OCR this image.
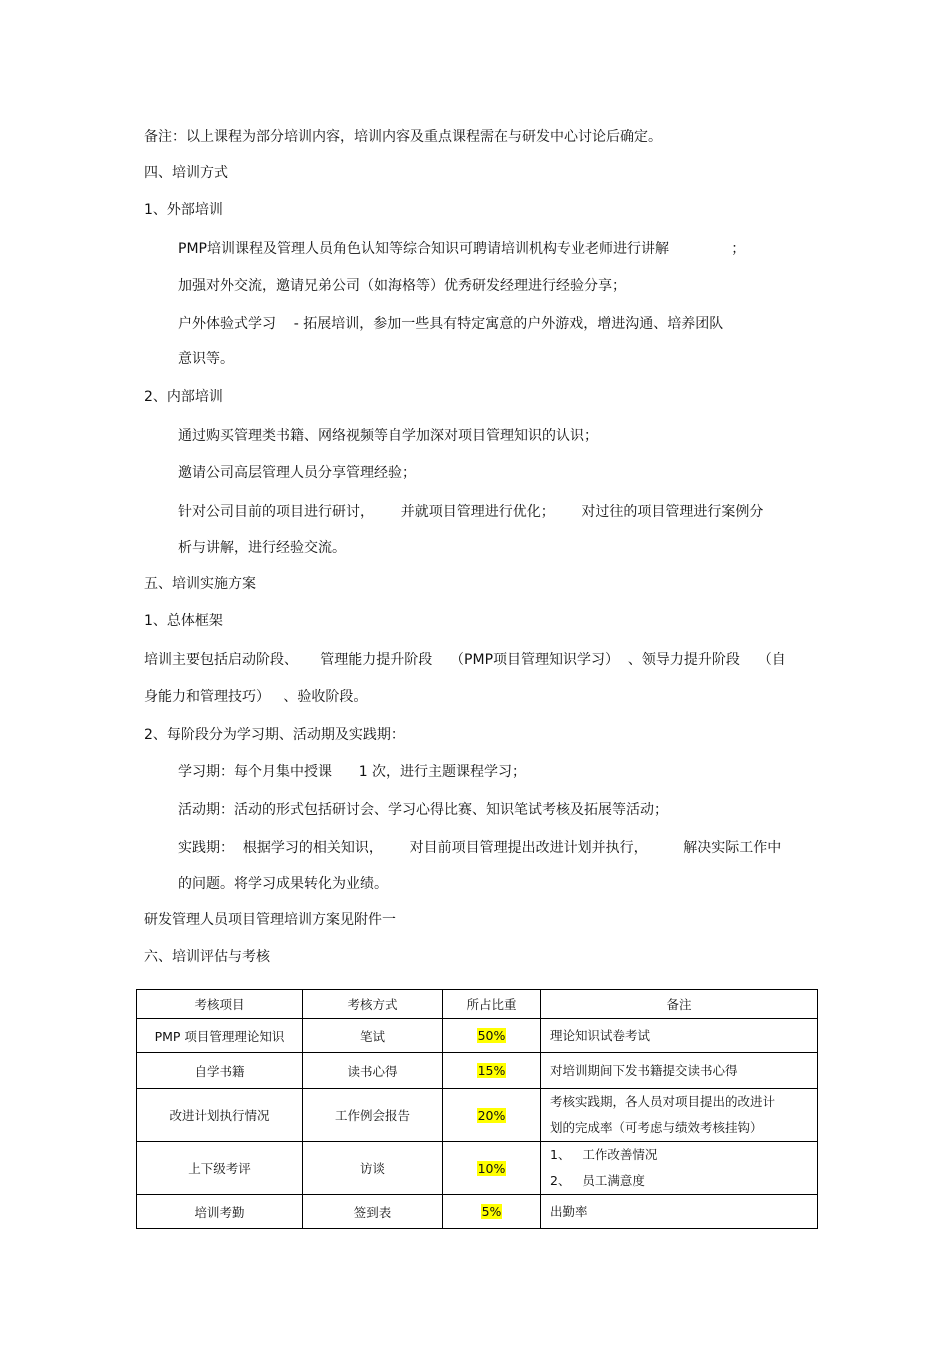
备注：以上课程为部分培训内容，培训内容及重点课程需在与研发中心讨论后确定。
四、培训方式
1、外部培训
PMP培训课程及管理人员角色认知等综合知识可聘请培训机构专业老师进行讲解              ；
加强对外交流，邀请兄弟公司（如海格等）优秀研发经理进行经验分享；
户外体验式学习    - 拓展培训，参加一些具有特定寓意的户外游戏，增进沟通、培养团队
意识等。
2、内部培训
通过购买管理类书籍、网络视频等自学加深对项目管理知识的认识；
邀请公司高层管理人员分享管理经验；
针对公司目前的项目进行研讨，      并就项目管理进行优化；      对过往的项目管理进行案例分
析与讲解，进行经验交流。
五、培训实施方案
1、总体框架
培训主要包括启动阶段、     管理能力提升阶段    （PMP项目管理知识学习）  、领导力提升阶段    （自
身能力和管理技巧）   、验收阶段。
2、每阶段分为学习期、活动期及实践期：
学习期：每个月集中授课      1 次，进行主题课程学习；
活动期：活动的形式包括研讨会、学习心得比赛、知识笔试考核及拓展等活动；
实践期：  根据学习的相关知识，      对目前项目管理提出改进计划并执行，        解决实际工作中
的问题。将学习成果转化为业绩。
研发管理人员项目管理培训方案见附件一
六、培训评估与考核
考核项目	考核方式	所占比重	备注
PMP 项目管理理论知识	笔试	50%	理论知识试卷考试

自学书籍	读书心得	15%	对培训期间下发书籍提交读书心得

改进计划执行情况	工作例会报告	20%	考核实践期，各人员对项目提出的改进计
划的完成率（可考虑与绩效考核挂钩）

上下级考评	访谈	10%	1、   工作改善情况
2、   员工满意度

培训考勤	签到表	5%	出勤率
